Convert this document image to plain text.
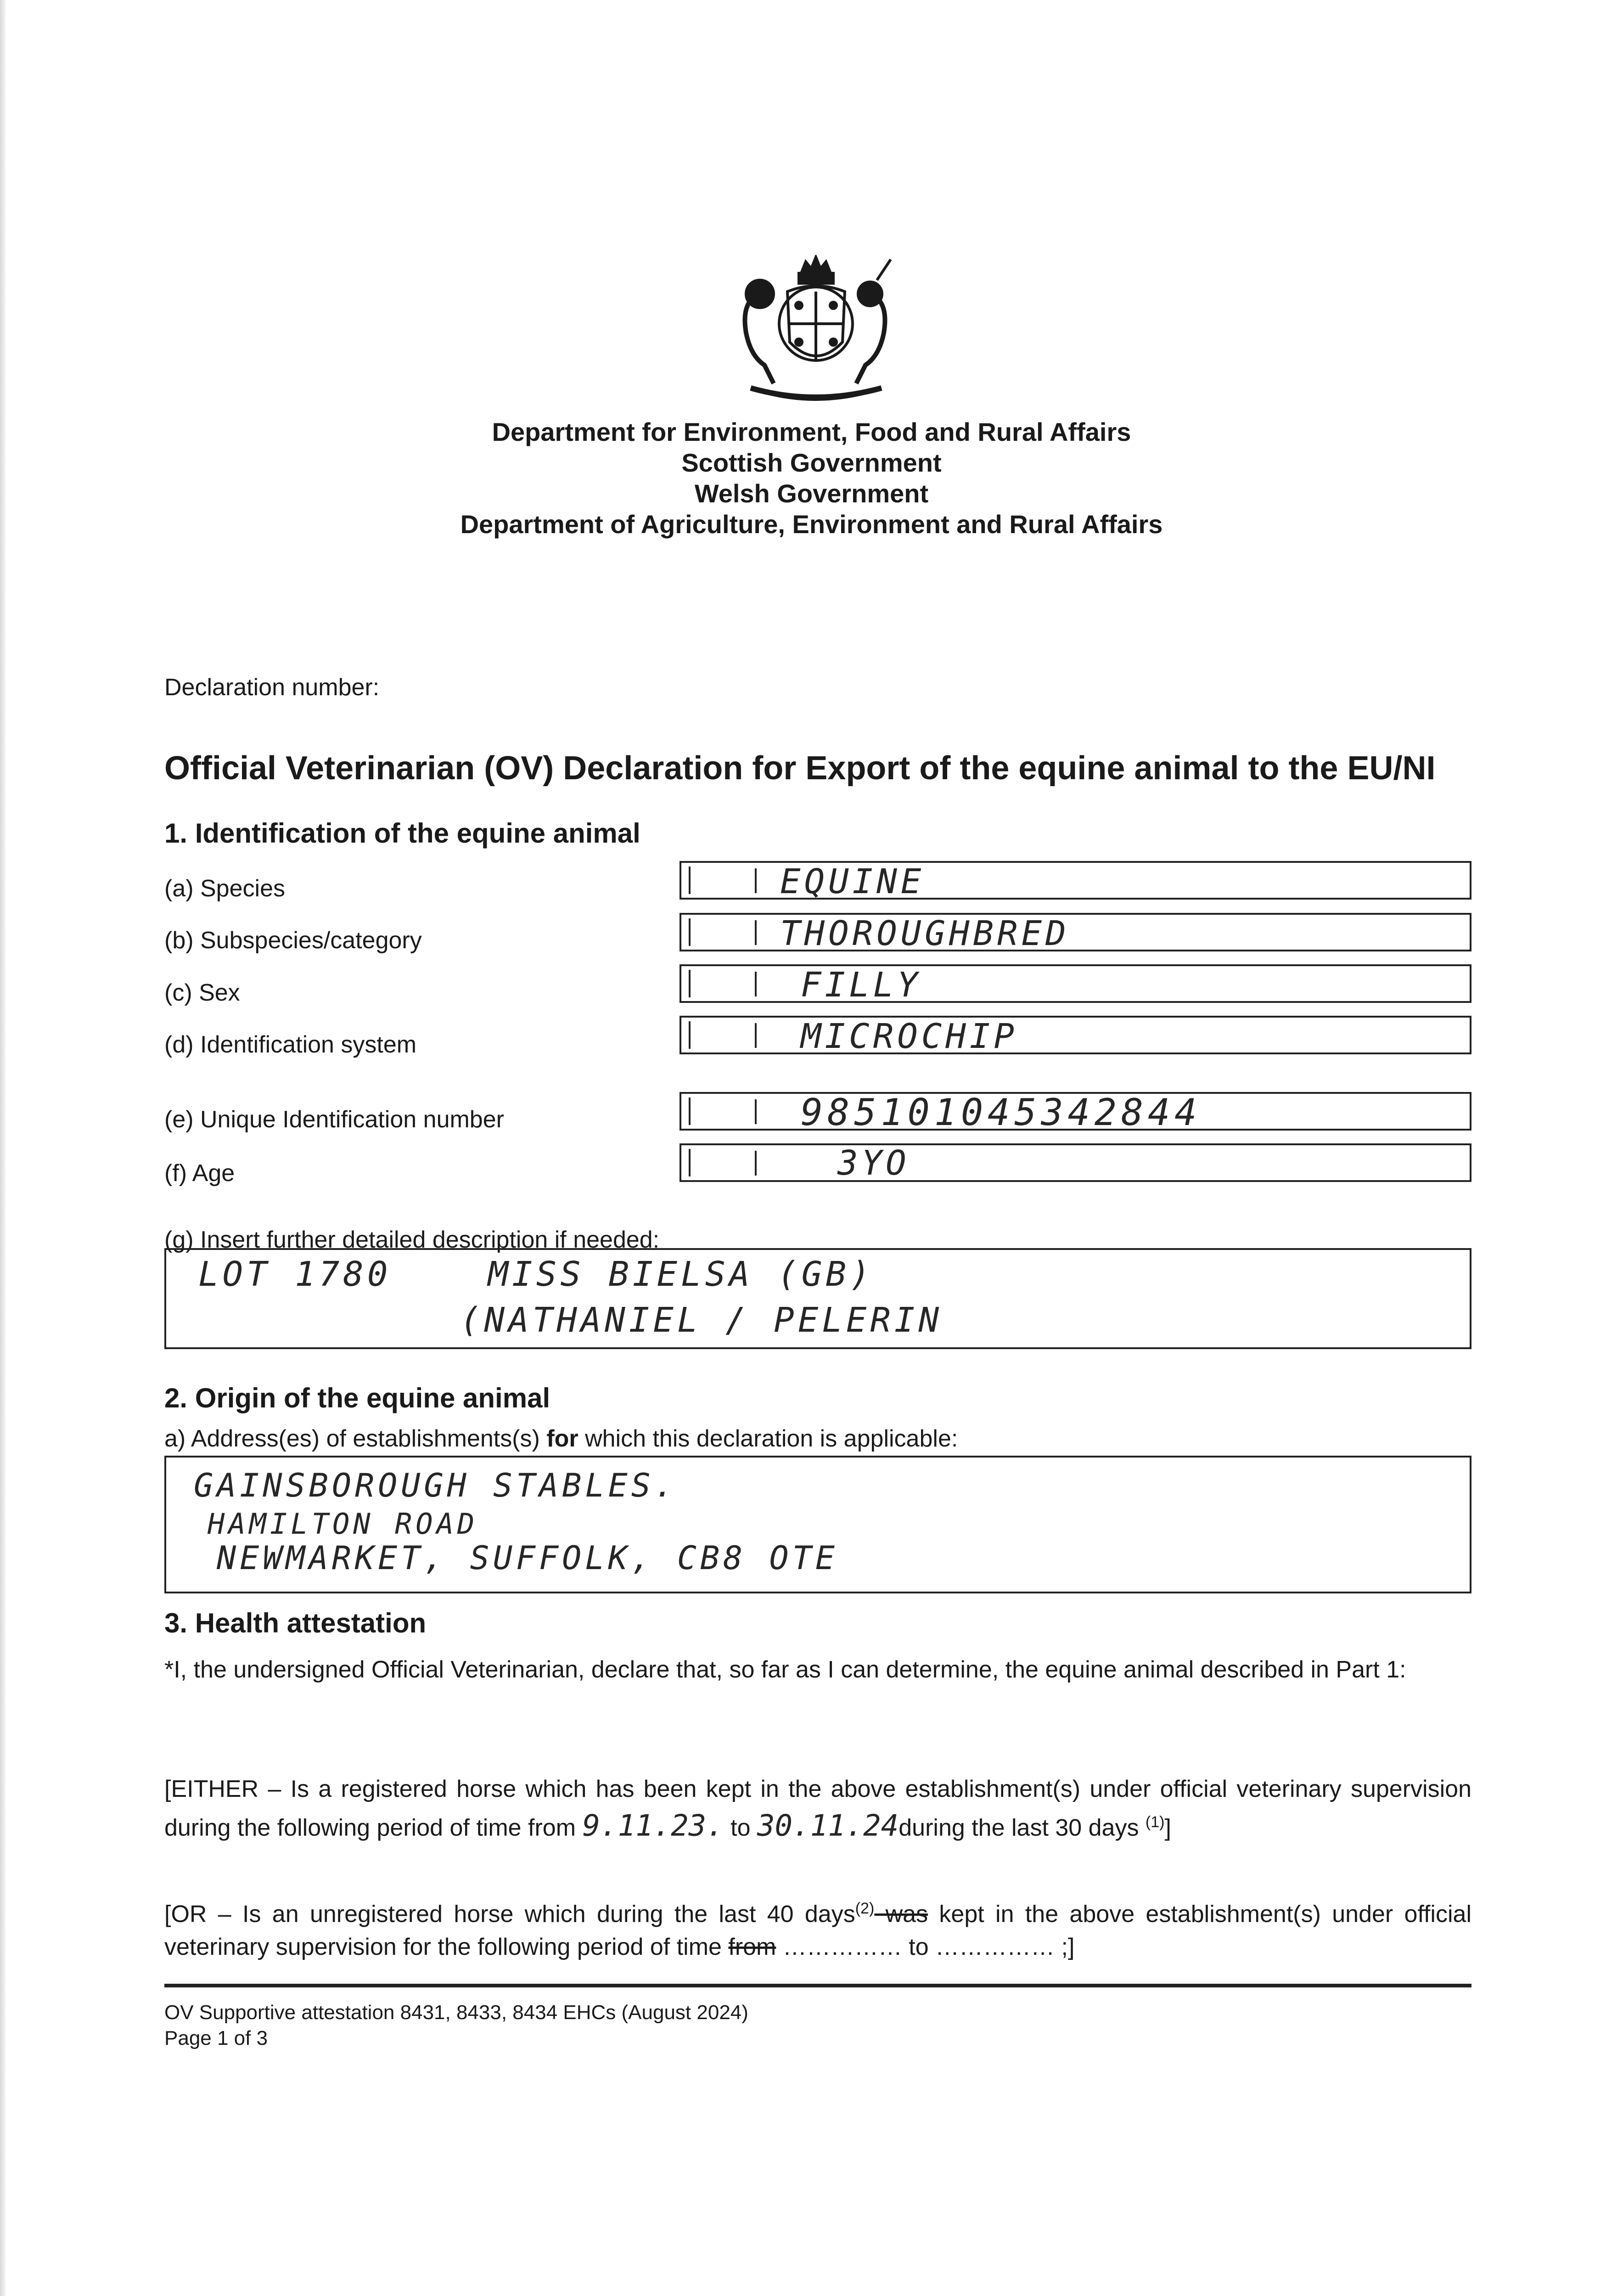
Department for Environment, Food and Rural Affairs
Scottish Government
Welsh Government
Department of Agriculture, Environment and Rural Affairs
Declaration number:
Official Veterinarian (OV) Declaration for Export of the equine animal to the EU/NI
1. Identification of the equine animal
(a) Species	EQUINE
(b) Subspecies/category	THOROUGHBRED
(c) Sex	FILLY
(d) Identification system	MICROCHIP
(e) Unique Identification number	985101045342844
(f) Age	3YO
(g) Insert further detailed description if needed:
LOT 1780    MISS BIELSA (GB)
(NATHANIEL / PELERIN
2. Origin of the equine animal
a) Address(es) of establishments(s) for which this declaration is applicable:
GAINSBOROUGH STABLES.
HAMILTON ROAD
NEWMARKET, SUFFOLK, CB8 OTE
3. Health attestation
*I, the undersigned Official Veterinarian, declare that, so far as I can determine, the equine animal described in Part 1:
[EITHER – Is a registered horse which has been kept in the above establishment(s) under official veterinary supervision during the following period of time from 9.11.23. to 30.11.24during the last 30 days $^{(1)}$]
[OR – Is an unregistered horse which during the last 40 days$^{(2)}$ was kept in the above establishment(s) under official veterinary supervision for the following period of time from …………… to …………… ;]
OV Supportive attestation 8431, 8433, 8434 EHCs (August 2024)
Page 1 of 3
